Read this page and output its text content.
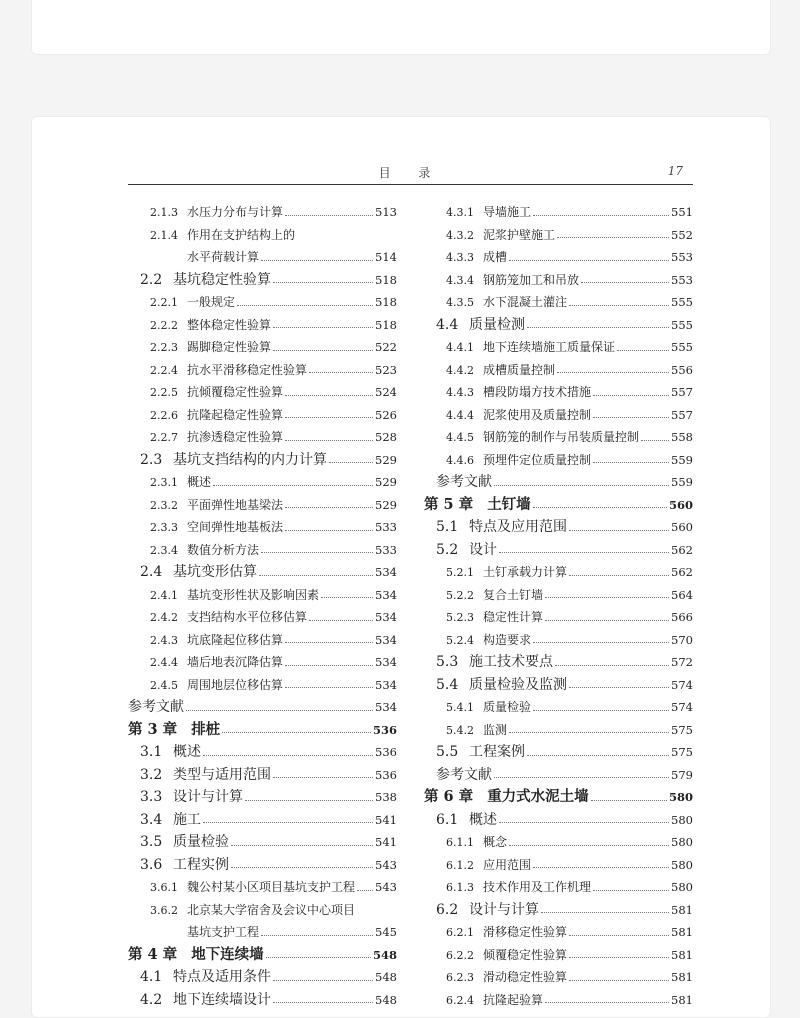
目 录	17
2.1.3 水压力分布与计算	513
2.1.4 作用在支护结构上的
水平荷载计算	514
2.2 基坑稳定性验算	518
2.2.1 一般规定	518
2.2.2 整体稳定性验算	518
2.2.3 踢脚稳定性验算	522
2.2.4 抗水平滑移稳定性验算	523
2.2.5 抗倾覆稳定性验算	524
2.2.6 抗隆起稳定性验算	526
2.2.7 抗渗透稳定性验算	528
2.3 基坑支挡结构的内力计算	529
2.3.1 概述	529
2.3.2 平面弹性地基梁法	529
2.3.3 空间弹性地基板法	533
2.3.4 数值分析方法	533
2.4 基坑变形估算	534
2.4.1 基坑变形性状及影响因素	534
2.4.2 支挡结构水平位移估算	534
2.4.3 坑底隆起位移估算	534
2.4.4 墙后地表沉降估算	534
2.4.5 周围地层位移估算	534
参考文献	534
第 3 章 排桩	536
3.1 概述	536
3.2 类型与适用范围	536
3.3 设计与计算	538
3.4 施工	541
3.5 质量检验	541
3.6 工程实例	543
3.6.1 魏公村某小区项目基坑支护工程 543
3.6.2 北京某大学宿舍及会议中心项目
基坑支护工程	545
第 4 章 地下连续墙	548
4.1 特点及适用条件	548
4.2 地下连续墙设计	548
4.3.1 导墙施工	551
4.3.2 泥浆护壁施工	552
4.3.3 成槽	553
4.3.4 钢筋笼加工和吊放	553
4.3.5 水下混凝土灌注	555
4.4 质量检测	555
4.4.1 地下连续墙施工质量保证	555
4.4.2 成槽质量控制	556
4.4.3 槽段防塌方技术措施	557
4.4.4 泥浆使用及质量控制	557
4.4.5 钢筋笼的制作与吊装质量控制	558
4.4.6 预埋件定位质量控制	559
参考文献	559
第 5 章 土钉墙	560
5.1 特点及应用范围	560
5.2 设计	562
5.2.1 土钉承载力计算	562
5.2.2 复合土钉墙	564
5.2.3 稳定性计算	566
5.2.4 构造要求	570
5.3 施工技术要点	572
5.4 质量检验及监测	574
5.4.1 质量检验	574
5.4.2 监测	575
5.5 工程案例	575
参考文献	579
第 6 章 重力式水泥土墙	580
6.1 概述	580
6.1.1 概念	580
6.1.2 应用范围	580
6.1.3 技术作用及工作机理	580
6.2 设计与计算	581
6.2.1 滑移稳定性验算	581
6.2.2 倾覆稳定性验算	581
6.2.3 滑动稳定性验算	581
6.2.4 抗隆起验算	581
